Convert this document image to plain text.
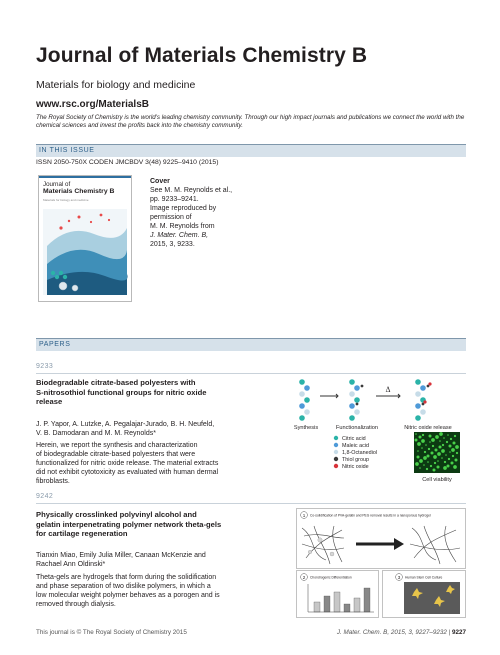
Journal of Materials Chemistry B
Materials for biology and medicine
www.rsc.org/MaterialsB
The Royal Society of Chemistry is the world’s leading chemistry community. Through our high impact journals and publications we connect the world with the chemical sciences and invest the profits back into the chemistry community.
IN THIS ISSUE
ISSN 2050-750X CODEN JMCBDV 3(48) 9225–9410 (2015)
Journal of
Materials Chemistry B
Materials for biology and medicine
Cover
See M. M. Reynolds et al.,
pp. 9233–9241.
Image reproduced by
permission of
M. M. Reynolds from
J. Mater. Chem. B,
2015, 3, 9233.
PAPERS
9233
Biodegradable citrate-based polyesters with
S-nitrosothiol functional groups for nitric oxide
release
J. P. Yapor, A. Lutzke, A. Pegalajar-Jurado, B. H. Neufeld,
V. B. Damodaran and M. M. Reynolds*
Herein, we report the synthesis and characterization
of biodegradable citrate-based polyesters that were
functionalized for nitric oxide release. The material extracts
did not exhibit cytotoxicity as evaluated with human dermal
fibroblasts.
Δ
Synthesis	Functionalization	Nitric oxide release
Citric acid
Maleic acid
1,8-Octanediol
Thiol group
Nitric oxide
Cell viability
9242
Physically crosslinked polyvinyl alcohol and
gelatin interpenetrating polymer network theta-gels
for cartilage regeneration
Tianxin Miao, Emily Julia Miller, Canaan McKenzie and
Rachael Ann Oldinski*
Theta-gels are hydrogels that form during the solidification
and phase separation of two dislike polymers, in which a
low molecular weight polymer behaves as a porogen and is
removed through dialysis.
1 Co-solidification of PVA-gelatin and PEG removal results in a nanoporous hydrogel
2 Chondrogenic Differentiation	3 Human Stem Cell Culture
This journal is © The Royal Society of Chemistry 2015	J. Mater. Chem. B, 2015, 3, 9227–9232 | 9227
